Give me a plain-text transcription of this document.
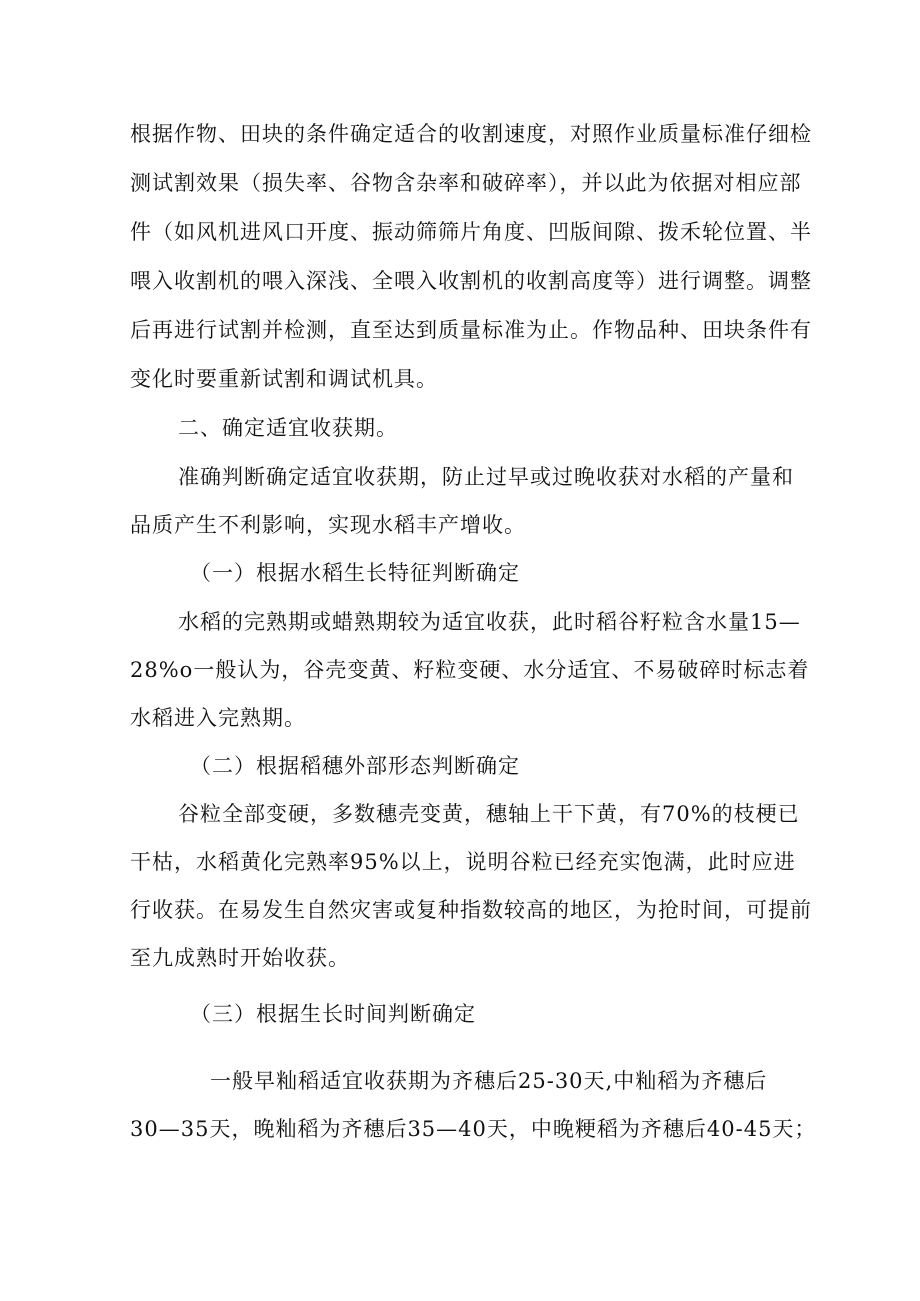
根据作物、田块的条件确定适合的收割速度，对照作业质量标准仔细检
测试割效果（损失率、谷物含杂率和破碎率），并以此为依据对相应部
件（如风机进风口开度、振动筛筛片角度、凹版间隙、拨禾轮位置、半
喂入收割机的喂入深浅、全喂入收割机的收割高度等）进行调整。调整
后再进行试割并检测，直至达到质量标准为止。作物品种、田块条件有
变化时要重新试割和调试机具。
二、确定适宜收获期。
准确判断确定适宜收获期，防止过早或过晚收获对水稻的产量和
品质产生不利影响，实现水稻丰产增收。
（一）根据水稻生长特征判断确定
水稻的完熟期或蜡熟期较为适宜收获，此时稻谷籽粒含水量15—
28%o一般认为，谷壳变黄、籽粒变硬、水分适宜、不易破碎时标志着
水稻进入完熟期。
（二）根据稻穗外部形态判断确定
谷粒全部变硬，多数穗壳变黄，穗轴上干下黄，有70%的枝梗已
干枯，水稻黄化完熟率95%以上，说明谷粒已经充实饱满，此时应进
行收获。在易发生自然灾害或复种指数较高的地区，为抢时间，可提前
至九成熟时开始收获。
（三）根据生长时间判断确定
一般早籼稻适宜收获期为齐穗后25-30天,中籼稻为齐穗后
30—35天，晚籼稻为齐穗后35—40天，中晚粳稻为齐穗后40-45天；
